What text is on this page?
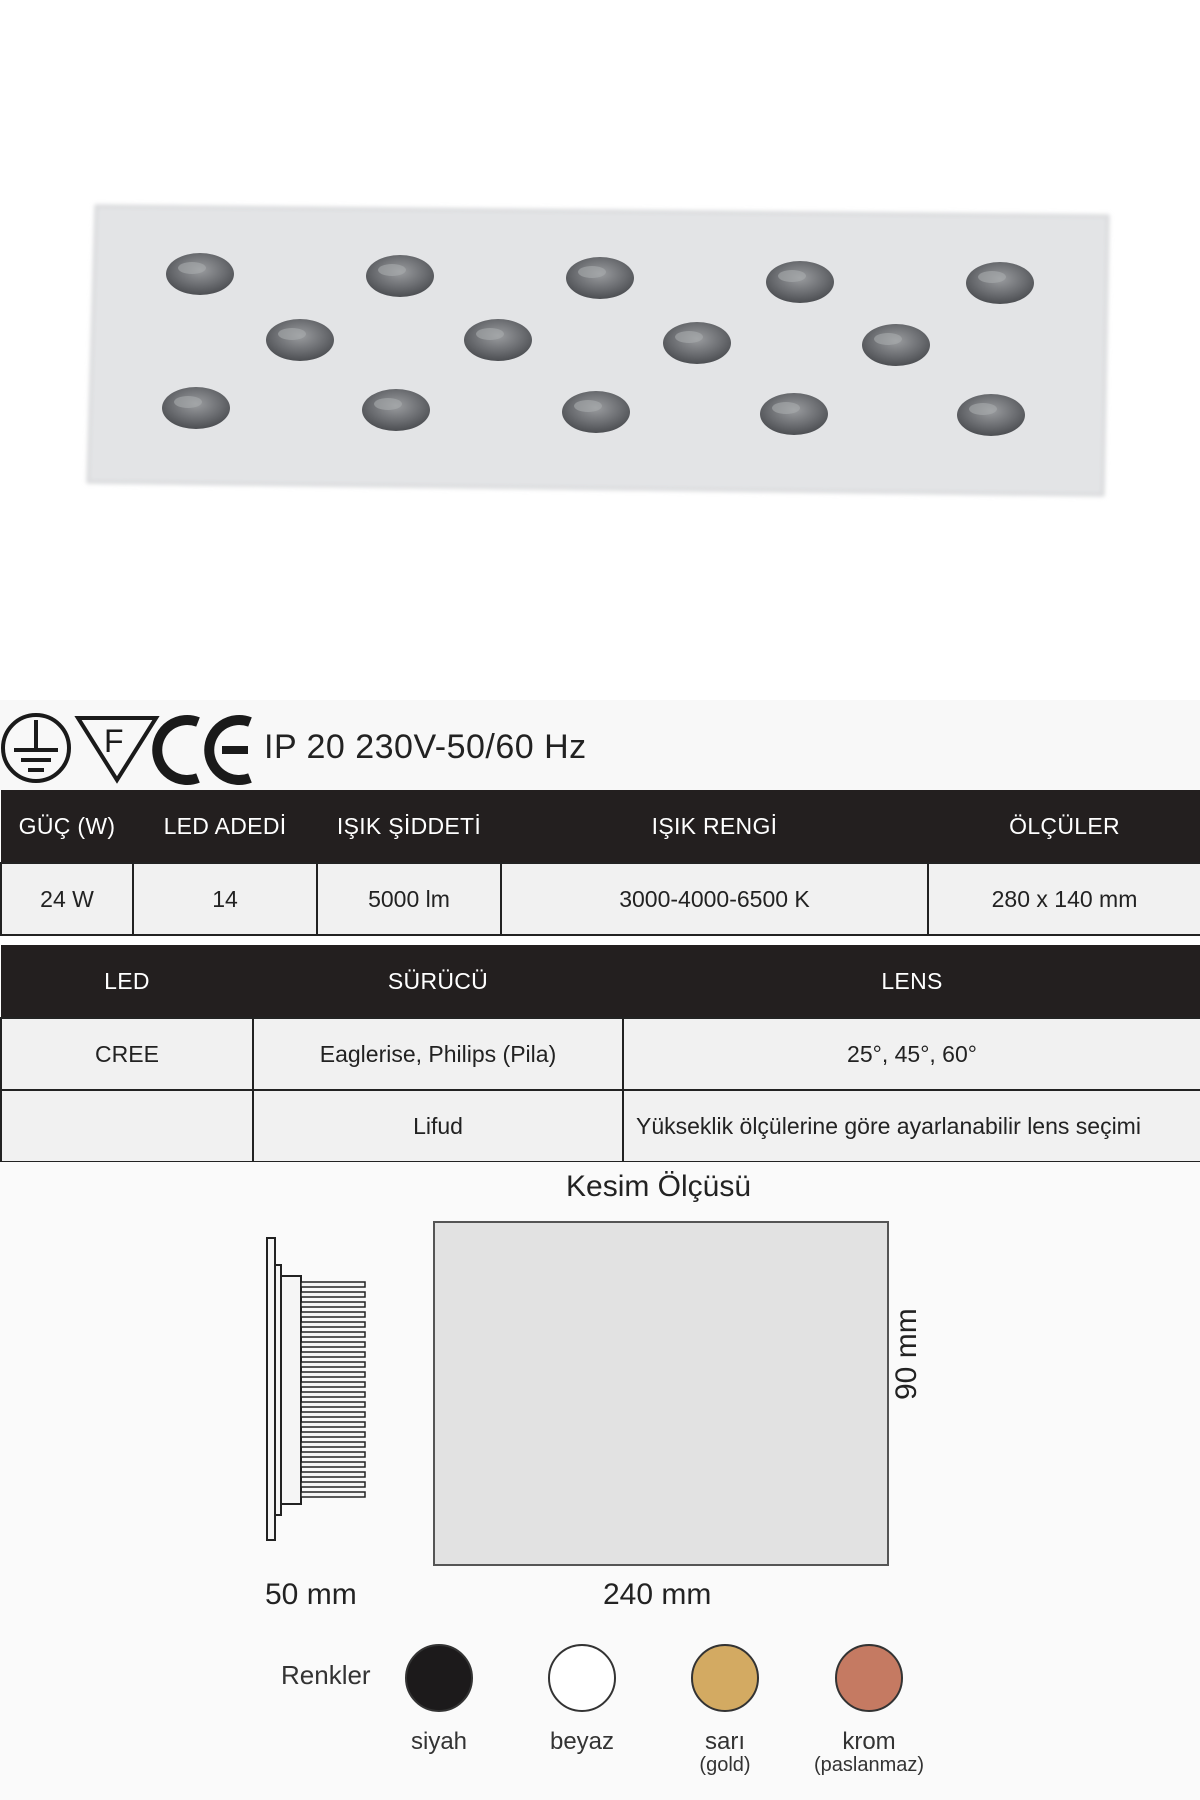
F	IP 20 230V-50/60 Hz
GÜÇ (W)	LED ADEDİ	IŞIK ŞİDDETİ	IŞIK RENGİ	ÖLÇÜLER
24 W	14	5000 lm	3000-4000-6500 K	280 x 140 mm
LED	SÜRÜCÜ	LENS
CREE	Eaglerise, Philips (Pila)	25°, 45°, 60°
	Lifud	Yükseklik ölçülerine göre ayarlanabilir lens seçimi
Kesim Ölçüsü
90 mm
240 mm
50 mm
Renkler
siyah	beyaz	sarı	krom
(gold)	(paslanmaz)
